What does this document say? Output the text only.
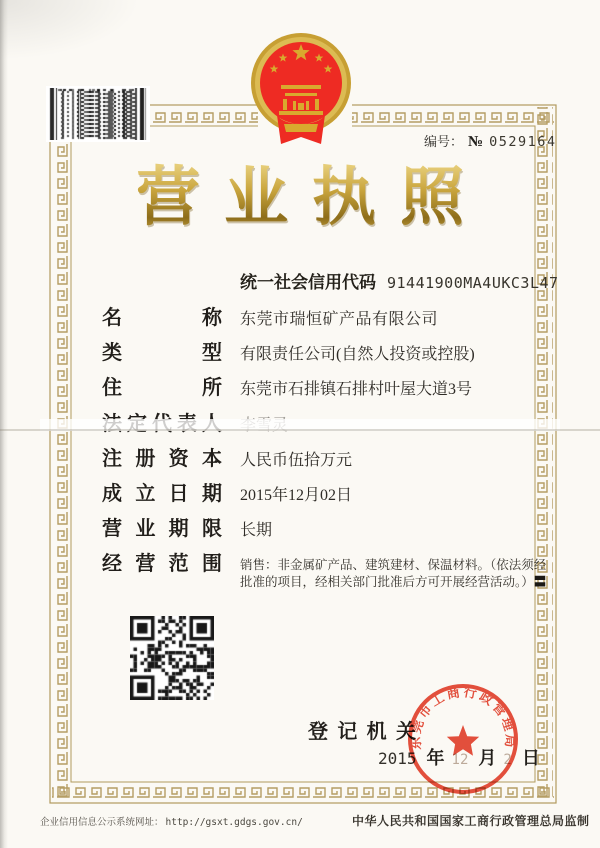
编号： № 0529164
营业执照
统一社会信用代码 91441900MA4UKC3L47
名称 东莞市瑞恒矿产品有限公司
类型 有限责任公司(自然人投资或控股)
住所 东莞市石排镇石排村叶屋大道3号
注册资本 人民币伍拾万元
成立日期 2015年12月02日
营业期限 长期
经营范围 销售：非金属矿产品、建筑建材、保温材料。（依法须经批准的项目，经相关部门批准后方可开展经营活动。）〓
登记机关
2015 年 12 月 2 日
东莞市工商行政管理局
企业信用信息公示系统网址： http://gsxt.gdgs.gov.cn/	中华人民共和国国家工商行政管理总局监制
